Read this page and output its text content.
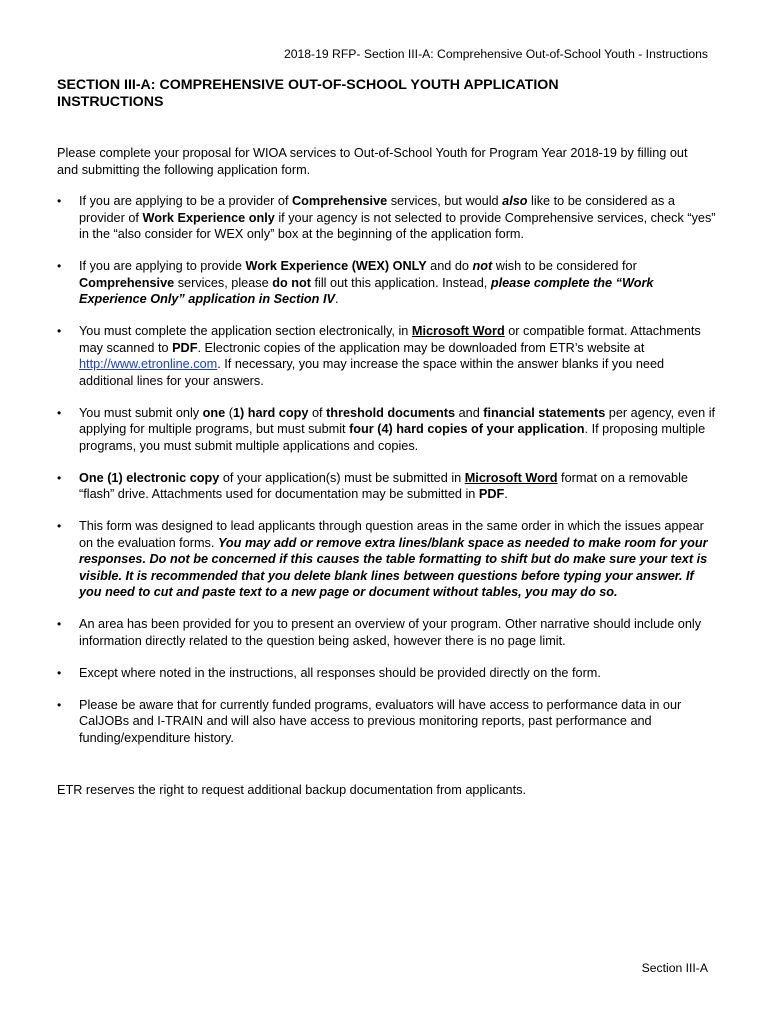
2018-19 RFP- Section III-A: Comprehensive Out-of-School Youth - Instructions
SECTION III-A: COMPREHENSIVE OUT-OF-SCHOOL YOUTH APPLICATION
INSTRUCTIONS

Please complete your proposal for WIOA services to Out-of-School Youth for Program Year 2018-19 by filling out and submitting the following application form.

•	If you are applying to be a provider of Comprehensive services, but would also like to be considered as a provider of Work Experience only if your agency is not selected to provide Comprehensive services, check “yes” in the “also consider for WEX only” box at the beginning of the application form.
•	If you are applying to provide Work Experience (WEX) ONLY and do not wish to be considered for Comprehensive services, please do not fill out this application. Instead, please complete the “Work Experience Only” application in Section IV.
•	You must complete the application section electronically, in Microsoft Word or compatible format. Attachments may scanned to PDF. Electronic copies of the application may be downloaded from ETR’s website at http://www.etronline.com. If necessary, you may increase the space within the answer blanks if you need additional lines for your answers.
•	You must submit only one (1) hard copy of threshold documents and financial statements per agency, even if applying for multiple programs, but must submit four (4) hard copies of your application. If proposing multiple programs, you must submit multiple applications and copies.
•	One (1) electronic copy of your application(s) must be submitted in Microsoft Word format on a removable “flash” drive. Attachments used for documentation may be submitted in PDF.
•	This form was designed to lead applicants through question areas in the same order in which the issues appear on the evaluation forms. You may add or remove extra lines/blank space as needed to make room for your responses. Do not be concerned if this causes the table formatting to shift but do make sure your text is visible. It is recommended that you delete blank lines between questions before typing your answer. If you need to cut and paste text to a new page or document without tables, you may do so.
•	An area has been provided for you to present an overview of your program. Other narrative should include only information directly related to the question being asked, however there is no page limit.
•	Except where noted in the instructions, all responses should be provided directly on the form.
•	Please be aware that for currently funded programs, evaluators will have access to performance data in our CalJOBs and I-TRAIN and will also have access to previous monitoring reports, past performance and funding/expenditure history.

ETR reserves the right to request additional backup documentation from applicants.

Section III-A
